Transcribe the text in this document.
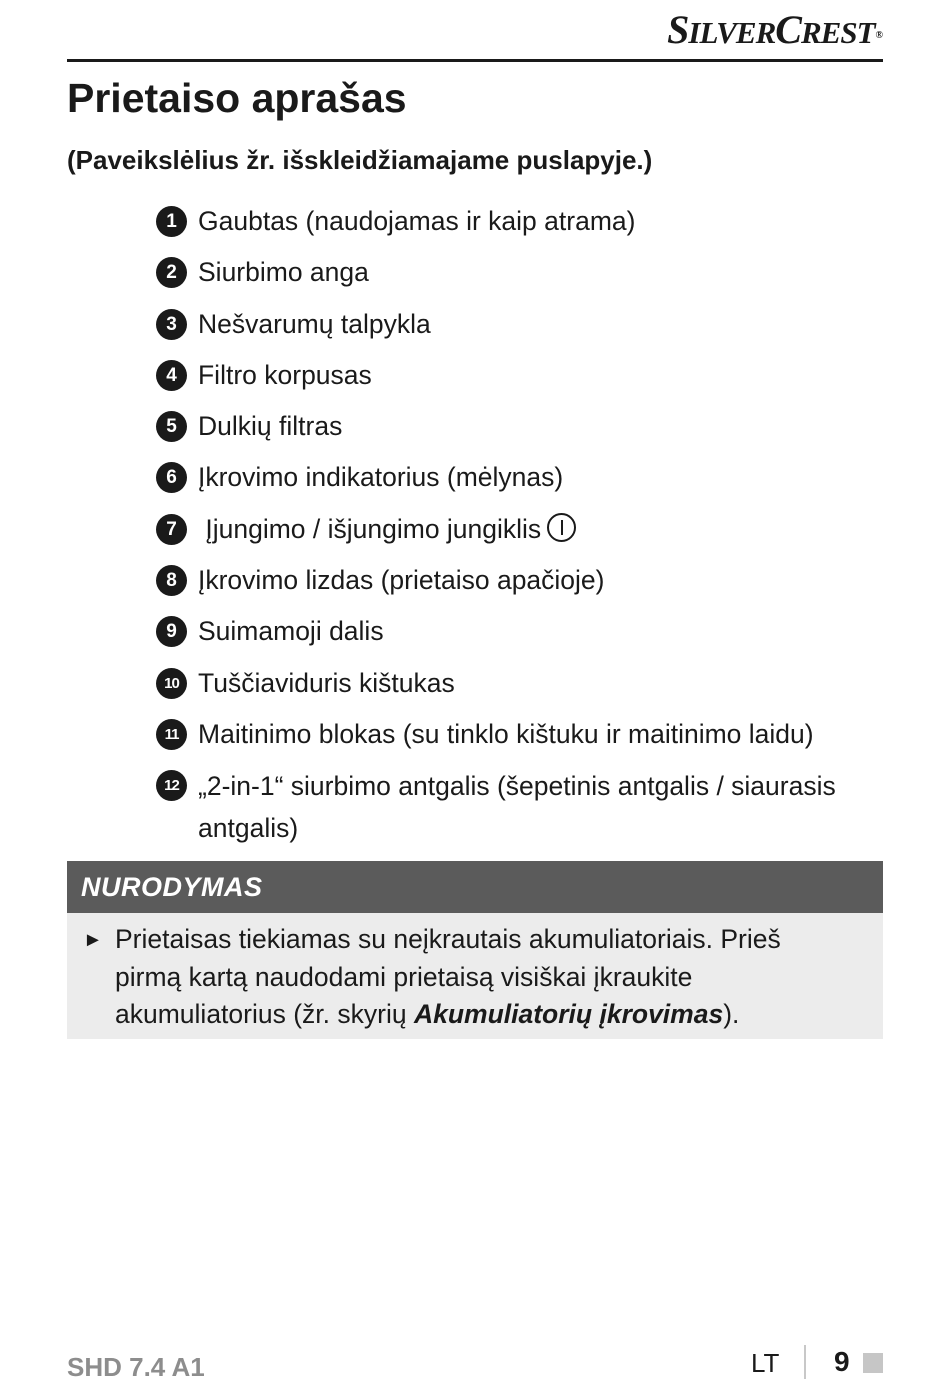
SILVERCREST®
Prietaiso aprašas
(Paveikslėlius žr. išskleidžiamajame puslapyje.)
1 Gaubtas (naudojamas ir kaip atrama)
2 Siurbimo anga
3 Nešvarumų talpykla
4 Filtro korpusas
5 Dulkių filtras
6 Įkrovimo indikatorius (mėlynas)
7 Įjungimo / išjungimo jungiklis
8 Įkrovimo lizdas (prietaiso apačioje)
9 Suimamoji dalis
10 Tuščiaviduris kištukas
11 Maitinimo blokas (su tinklo kištuku ir maitinimo laidu)
12 „2-in-1“ siurbimo antgalis (šepetinis antgalis / siaurasis antgalis)
NURODYMAS
► Prietaisas tiekiamas su neįkrautais akumuliatoriais. Prieš pirmą kartą naudodami prietaisą visiškai įkraukite akumuliatorius (žr. skyrių Akumuliatorių įkrovimas).
SHD 7.4 A1	LT 9
